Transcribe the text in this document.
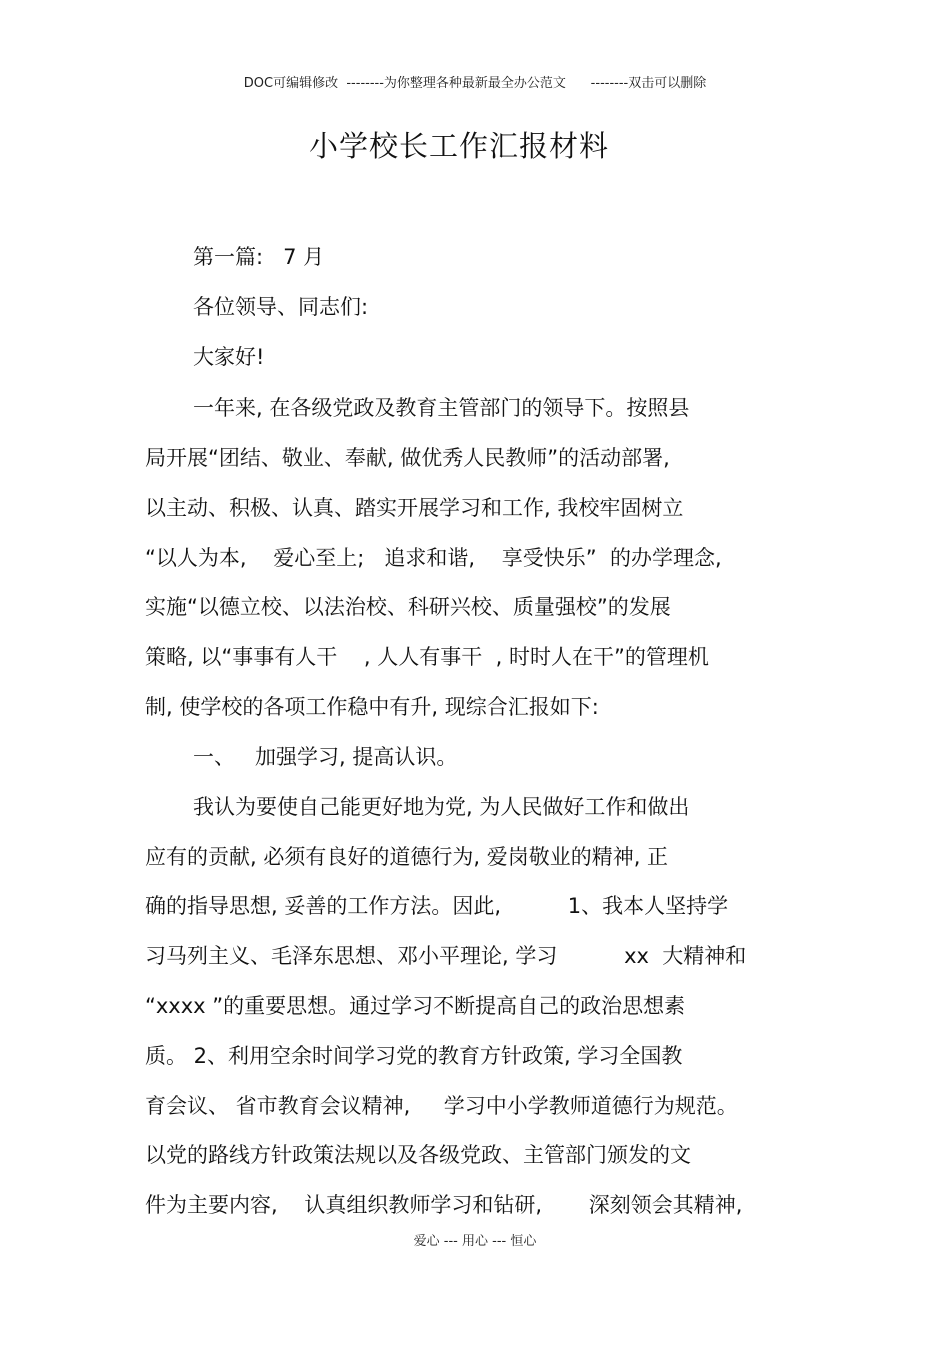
DOC可编辑修改  --------为你整理各种最新最全办公范文      --------双击可以删除
小学校长工作汇报材料
第一篇:   7 月
各位领导、同志们:
大家好!
一年来, 在各级党政及教育主管部门的领导下。按照县
局开展“团结、敬业、奉献, 做优秀人民教师”的活动部署,
以主动、积极、认真、踏实开展学习和工作, 我校牢固树立
“以人为本,    爱心至上;   追求和谐,    享受快乐”  的办学理念,
实施“以德立校、以法治校、科研兴校、质量强校”的发展
策略, 以“事事有人干    , 人人有事干  , 时时人在干”的管理机
制, 使学校的各项工作稳中有升, 现综合汇报如下:
一、   加强学习, 提高认识。
我认为要使自己能更好地为党, 为人民做好工作和做出
应有的贡献, 必须有良好的道德行为, 爱岗敬业的精神, 正
确的指导思想, 妥善的工作方法。因此,          1、我本人坚持学
习马列主义、毛泽东思想、邓小平理论, 学习          xx  大精神和
“xxxx ”的重要思想。通过学习不断提高自己的政治思想素
质。 2、利用空余时间学习党的教育方针政策, 学习全国教
育会议、 省市教育会议精神,     学习中小学教师道德行为规范。
以党的路线方针政策法规以及各级党政、主管部门颁发的文
件为主要内容,    认真组织教师学习和钻研,       深刻领会其精神,
爱心 --- 用心 --- 恒心
